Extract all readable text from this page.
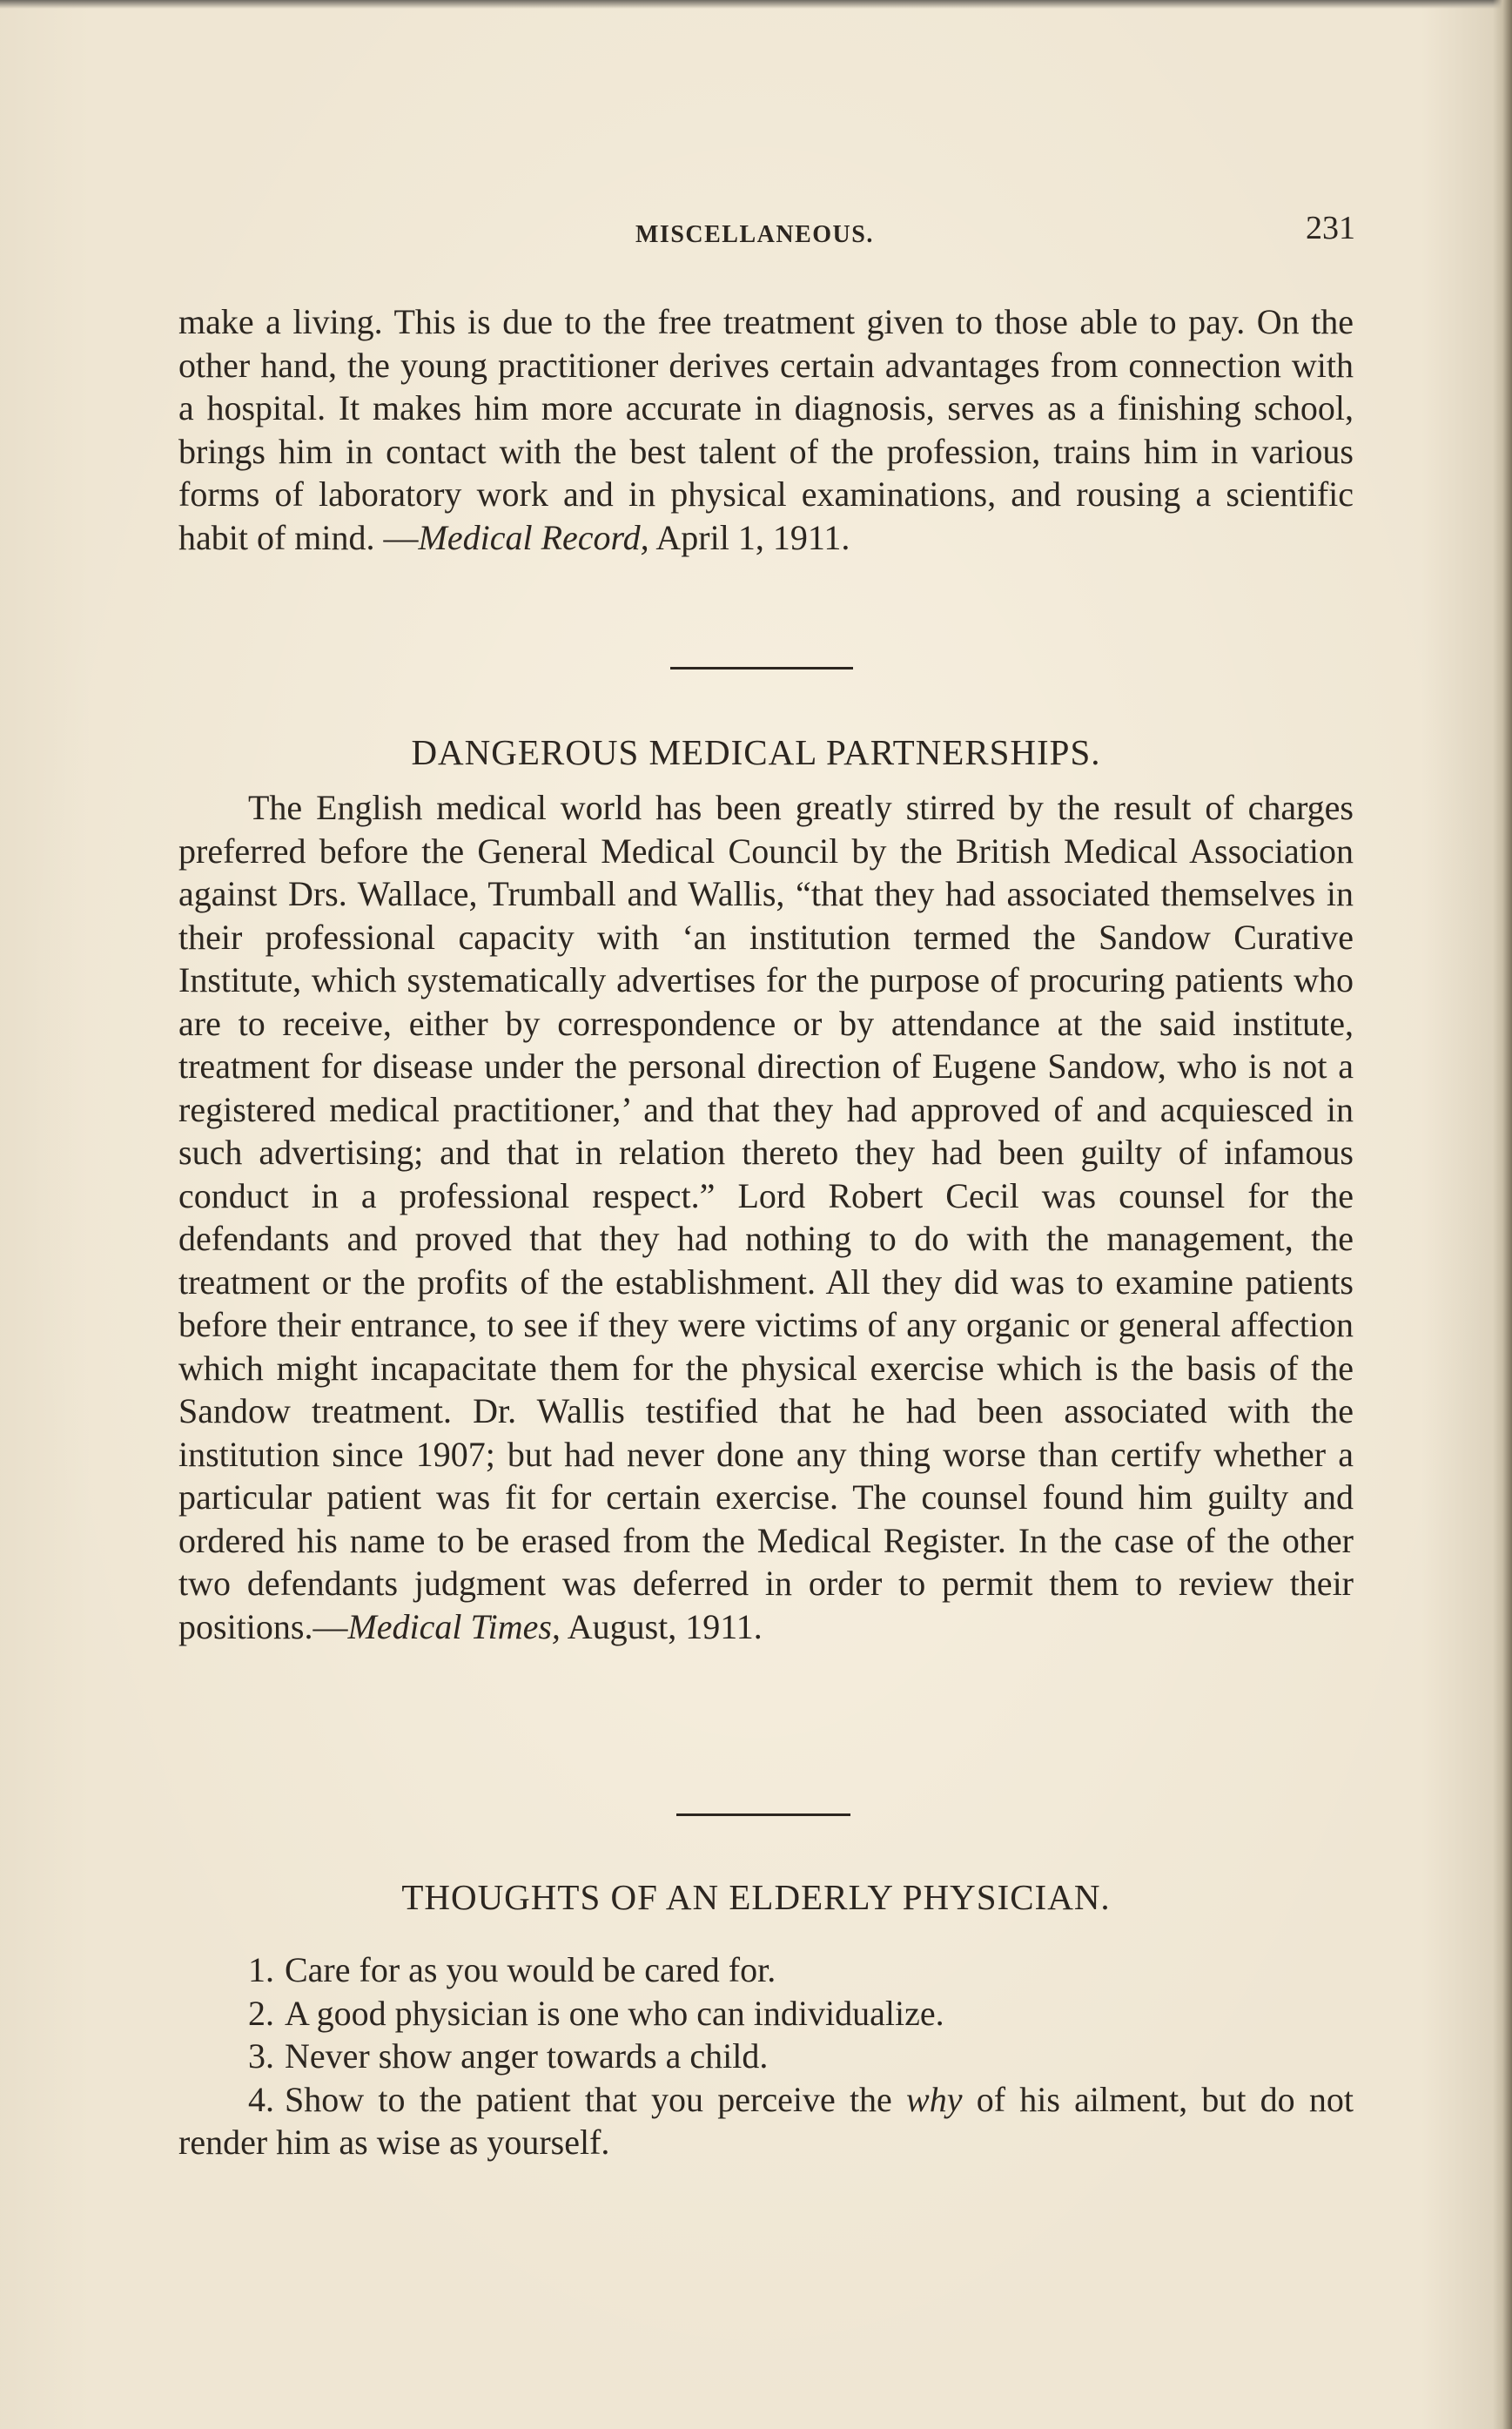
MISCELLANEOUS.	231

make a living. This is due to the free treatment given to those able to pay. On the other hand, the young practitioner derives certain advantages from connection with a hospital. It makes him more accurate in diagnosis, serves as a finishing school, brings him in contact with the best talent of the profession, trains him in various forms of laboratory work and in physical examinations, and rousing a scientific habit of mind. —Medical Record, April 1, 1911.

DANGEROUS MEDICAL PARTNERSHIPS.

The English medical world has been greatly stirred by the result of charges preferred before the General Medical Council by the British Medical Association against Drs. Wallace, Trumball and Wallis, “that they had associated themselves in their professional capacity with ‘an institution termed the Sandow Curative Institute, which systematically advertises for the purpose of procuring patients who are to receive, either by correspondence or by attendance at the said institute, treatment for disease under the personal direction of Eugene Sandow, who is not a registered medical practitioner,’ and that they had approved of and acquiesced in such advertising; and that in relation thereto they had been guilty of infamous conduct in a professional respect.” Lord Robert Cecil was counsel for the defendants and proved that they had nothing to do with the management, the treatment or the profits of the establishment. All they did was to examine patients before their entrance, to see if they were victims of any organic or general affection which might incapacitate them for the physical exercise which is the basis of the Sandow treatment. Dr. Wallis testified that he had been associated with the institution since 1907; but had never done any thing worse than certify whether a particular patient was fit for certain exercise. The counsel found him guilty and ordered his name to be erased from the Medical Register. In the case of the other two defendants judgment was deferred in order to permit them to review their positions.—Medical Times, August, 1911.

THOUGHTS OF AN ELDERLY PHYSICIAN.
1. Care for as you would be cared for.
2. A good physician is one who can individualize.
3. Never show anger towards a child.
4. Show to the patient that you perceive the why of his ailment, but do not render him as wise as yourself.
